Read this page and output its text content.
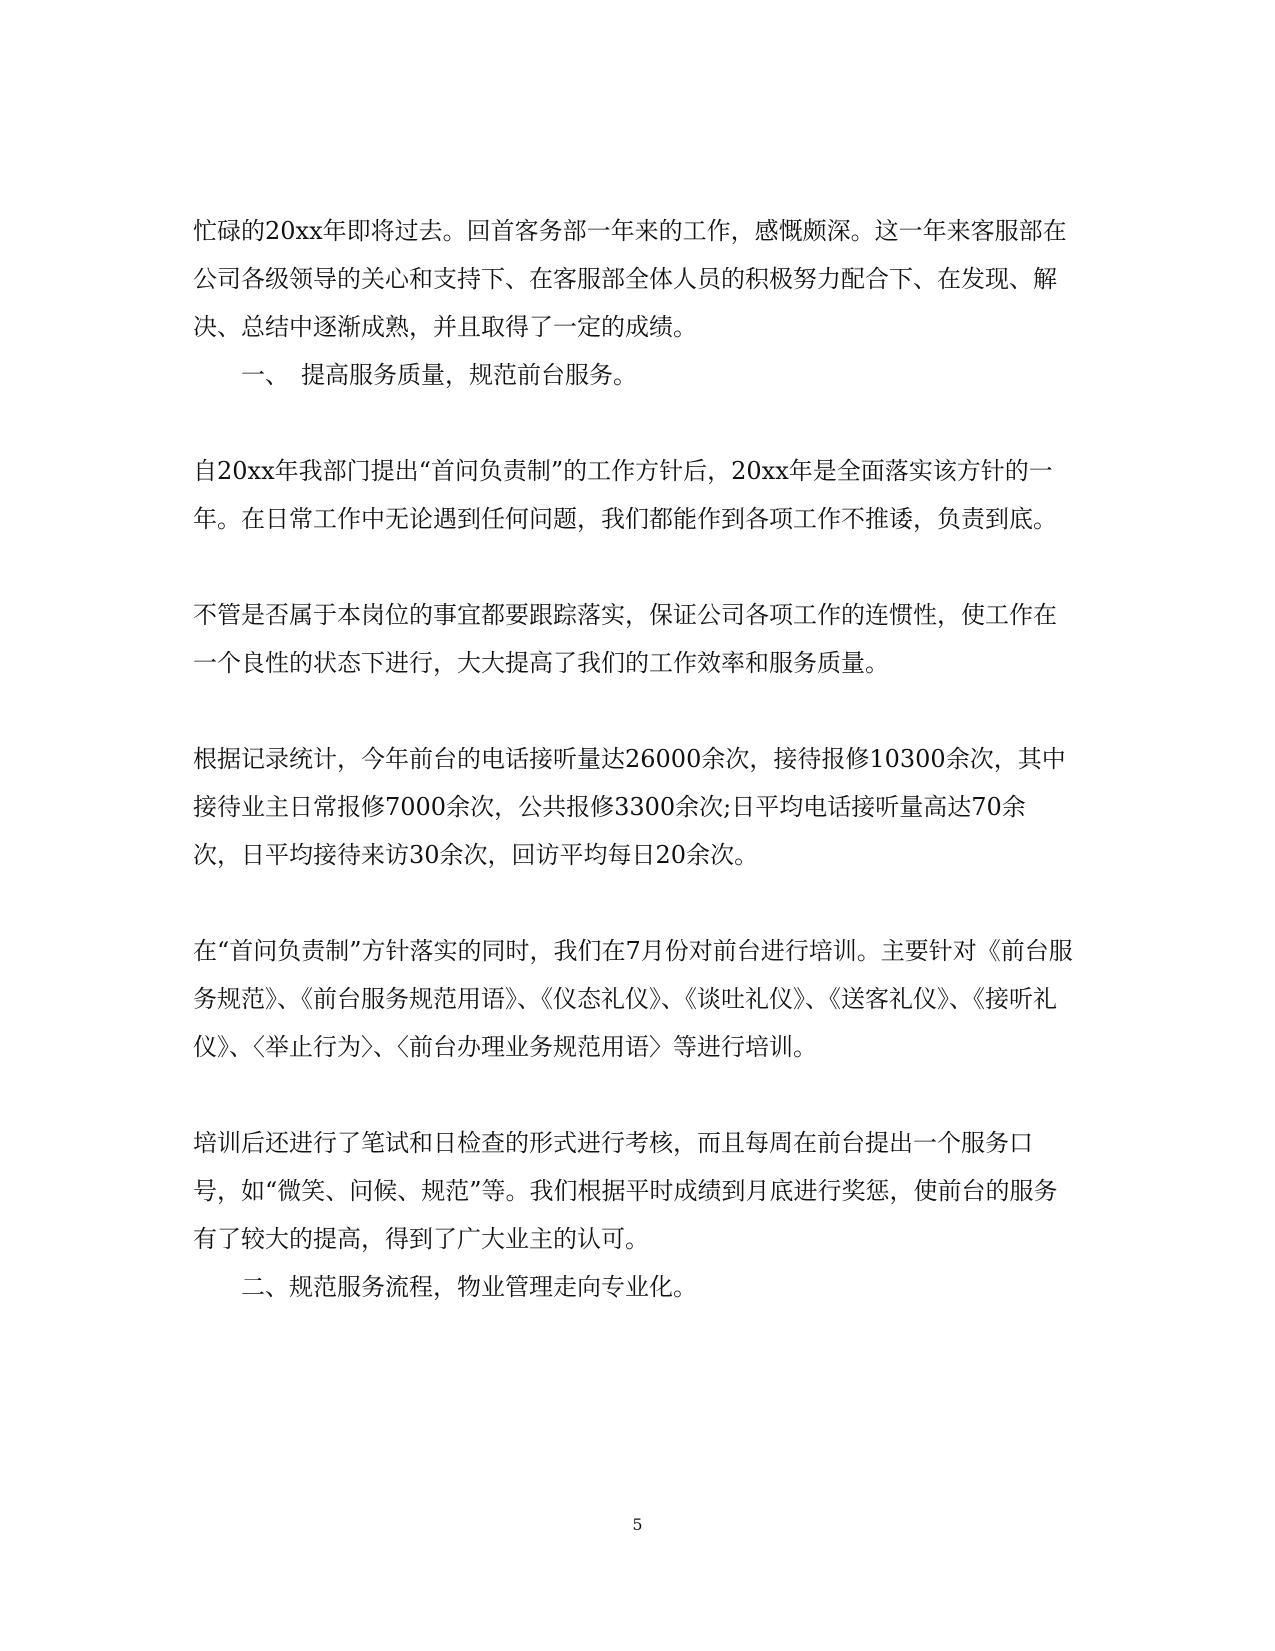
忙碌的20xx年即将过去。回首客务部一年来的工作，感慨颇深。这一年来客服部在公司各级领导的关心和支持下、在客服部全体人员的积极努力配合下、在发现、解决、总结中逐渐成熟，并且取得了一定的成绩。

一、　提高服务质量，规范前台服务。

自20xx年我部门提出“首问负责制”的工作方针后，20xx年是全面落实该方针的一年。在日常工作中无论遇到任何问题，我们都能作到各项工作不推诿，负责到底。

不管是否属于本岗位的事宜都要跟踪落实，保证公司各项工作的连惯性，使工作在一个良性的状态下进行，大大提高了我们的工作效率和服务质量。

根据记录统计，今年前台的电话接听量达26000余次，接待报修10300余次，其中接待业主日常报修7000余次，公共报修3300余次;日平均电话接听量高达70余次，日平均接待来访30余次，回访平均每日20余次。

在“首问负责制”方针落实的同时，我们在7月份对前台进行培训。主要针对《前台服务规范》、《前台服务规范用语》、《仪态礼仪》、《谈吐礼仪》、《送客礼仪》、《接听礼仪》、〈举止行为〉、〈前台办理业务规范用语〉等进行培训。

培训后还进行了笔试和日检查的形式进行考核，而且每周在前台提出一个服务口号，如“微笑、问候、规范”等。我们根据平时成绩到月底进行奖惩，使前台的服务有了较大的提高，得到了广大业主的认可。

二、规范服务流程，物业管理走向专业化。

5
